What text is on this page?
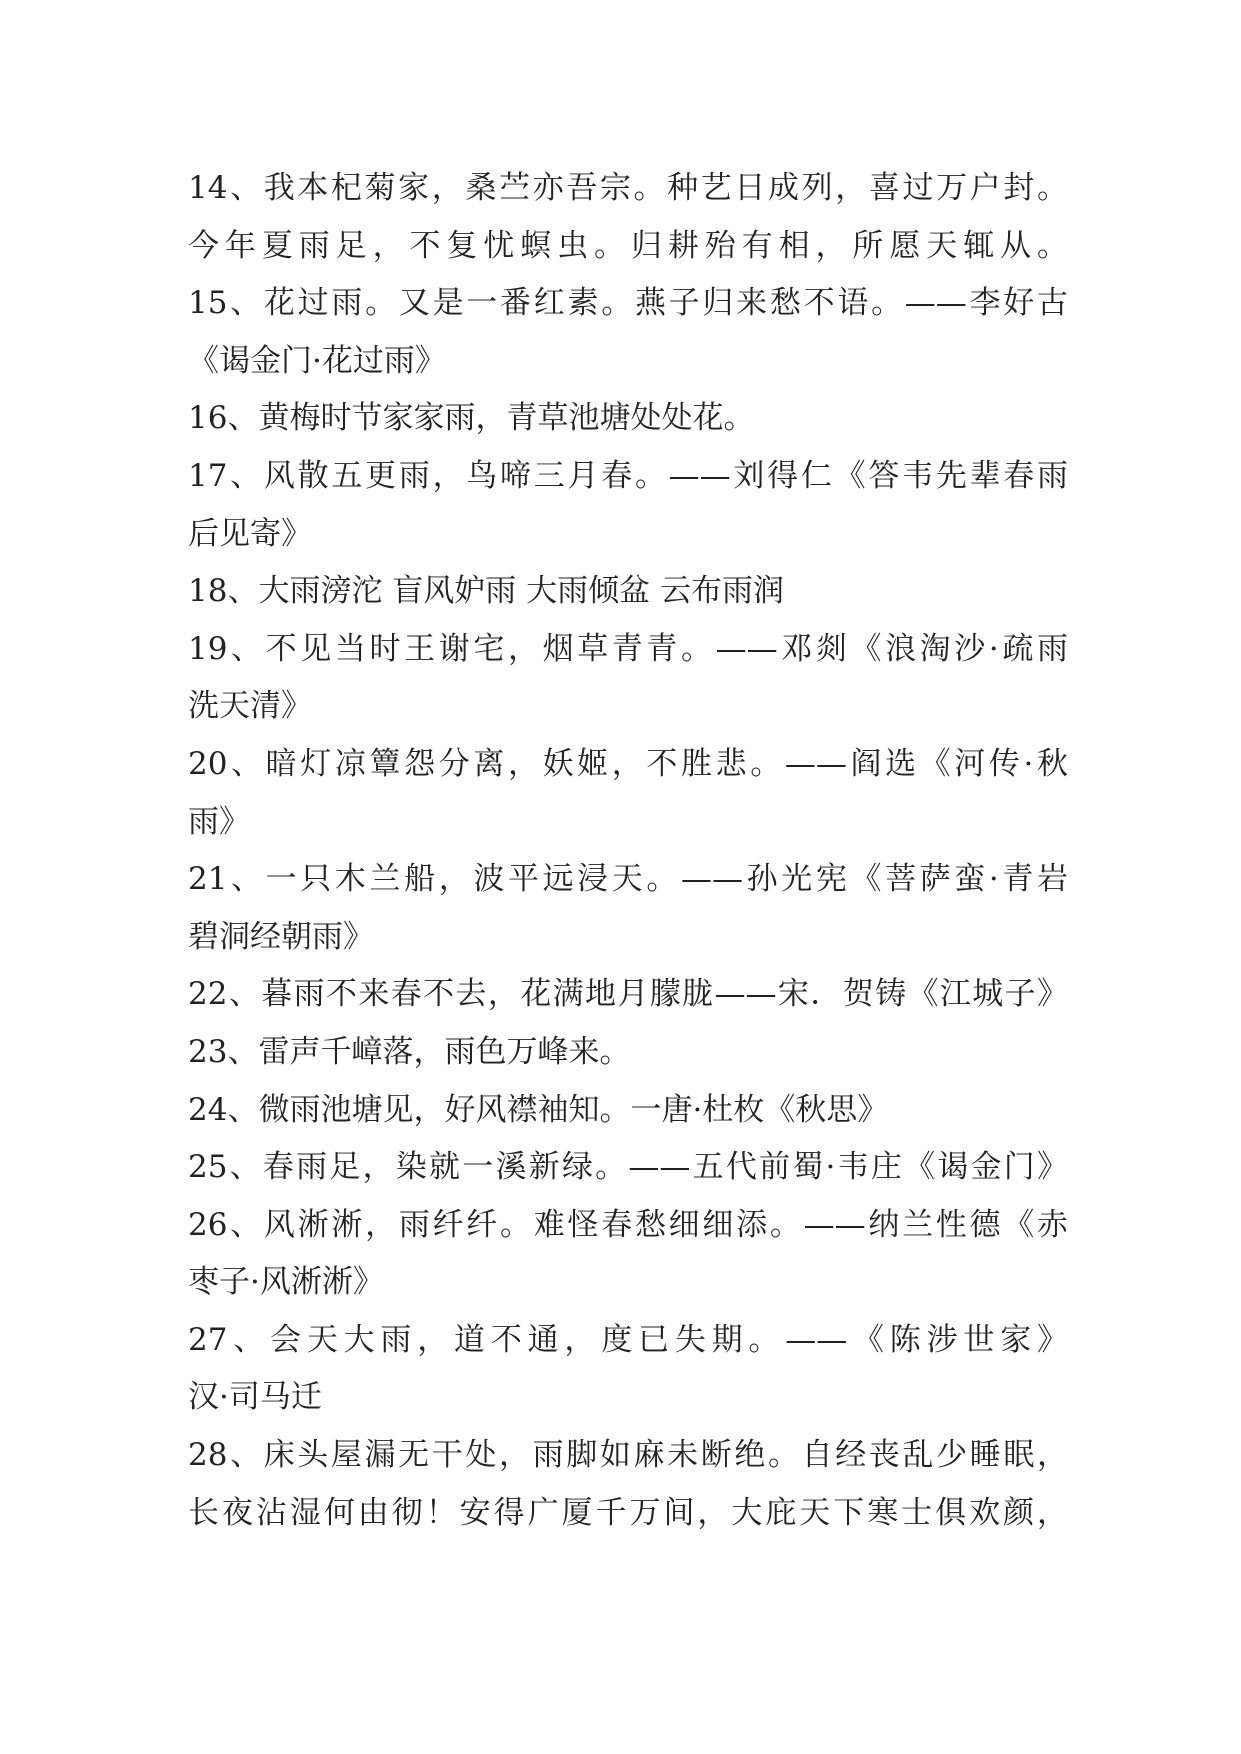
14、我本杞菊家，桑苎亦吾宗。种艺日成列，喜过万户封。
今年夏雨足，不复忧螟虫。归耕殆有相，所愿天辄从。
15、花过雨。又是一番红素。燕子归来愁不语。——李好古
《谒金门·花过雨》
16、黄梅时节家家雨，青草池塘处处花。
17、风散五更雨，鸟啼三月春。——刘得仁《答韦先辈春雨
后见寄》
18、大雨滂沱 盲风妒雨 大雨倾盆 云布雨润
19、不见当时王谢宅，烟草青青。——邓剡《浪淘沙·疏雨
洗天清》
20、暗灯凉簟怨分离，妖姬，不胜悲。——阎选《河传·秋
雨》
21、一只木兰船，波平远浸天。——孙光宪《菩萨蛮·青岩
碧洞经朝雨》
22、暮雨不来春不去，花满地月朦胧——宋．贺铸《江城子》
23、雷声千嶂落，雨色万峰来。
24、微雨池塘见，好风襟袖知。一唐·杜枚《秋思》
25、春雨足，染就一溪新绿。——五代前蜀·韦庄《谒金门》
26、风淅淅，雨纤纤。难怪春愁细细添。——纳兰性德《赤
枣子·风淅淅》
27、会天大雨，道不通，度已失期。——《陈涉世家》
汉·司马迁
28、床头屋漏无干处，雨脚如麻未断绝。自经丧乱少睡眠，
长夜沾湿何由彻！安得广厦千万间，大庇天下寒士俱欢颜，
